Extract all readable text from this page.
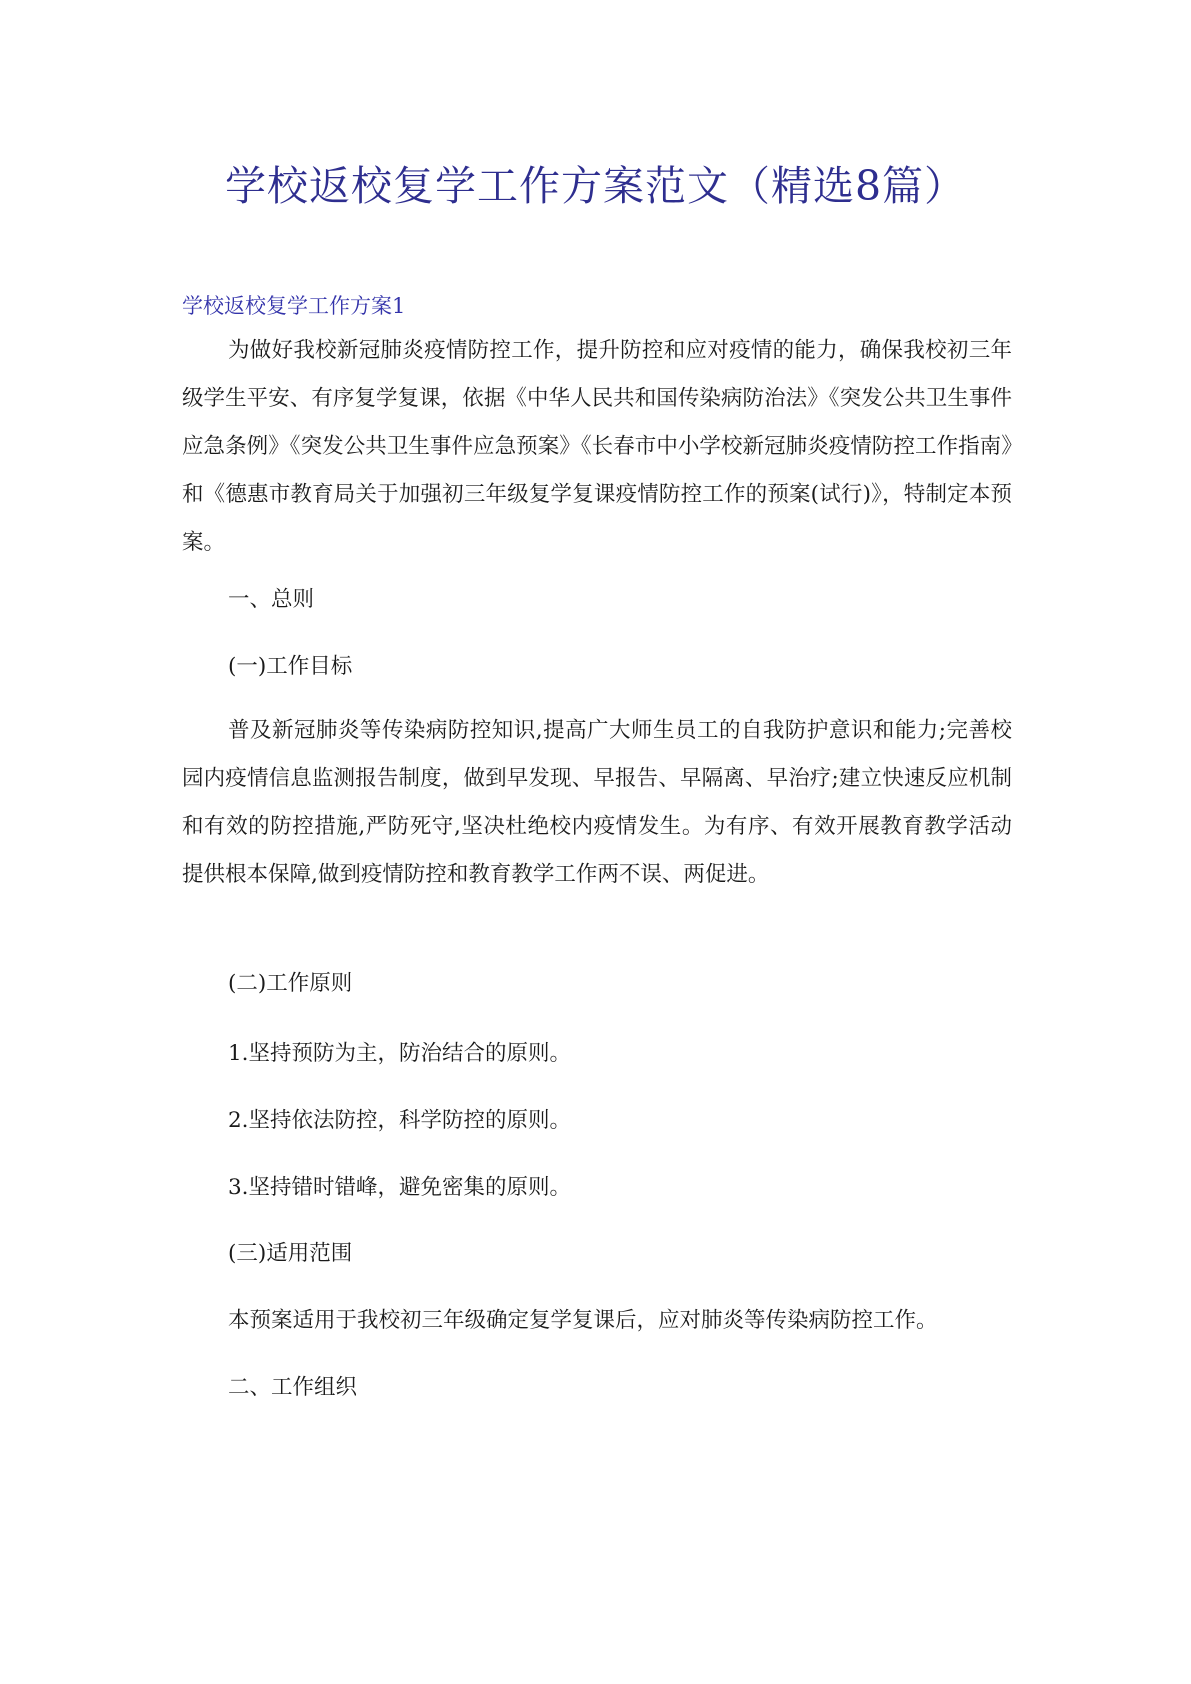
学校返校复学工作方案范文（精选8篇）
学校返校复学工作方案1

为做好我校新冠肺炎疫情防控工作，提升防控和应对疫情的能力，确保我校初三年级学生平安、有序复学复课，依据《中华人民共和国传染病防治法》《突发公共卫生事件应急条例》《突发公共卫生事件应急预案》《长春市中小学校新冠肺炎疫情防控工作指南》和《德惠市教育局关于加强初三年级复学复课疫情防控工作的预案(试行)》，特制定本预案。

一、总则

(一)工作目标

普及新冠肺炎等传染病防控知识,提高广大师生员工的自我防护意识和能力;完善校园内疫情信息监测报告制度，做到早发现、早报告、早隔离、早治疗;建立快速反应机制和有效的防控措施,严防死守,坚决杜绝校内疫情发生。为有序、有效开展教育教学活动提供根本保障,做到疫情防控和教育教学工作两不误、两促进。

(二)工作原则

1.坚持预防为主，防治结合的原则。

2.坚持依法防控，科学防控的原则。

3.坚持错时错峰，避免密集的原则。

(三)适用范围

本预案适用于我校初三年级确定复学复课后，应对肺炎等传染病防控工作。

二、工作组织
